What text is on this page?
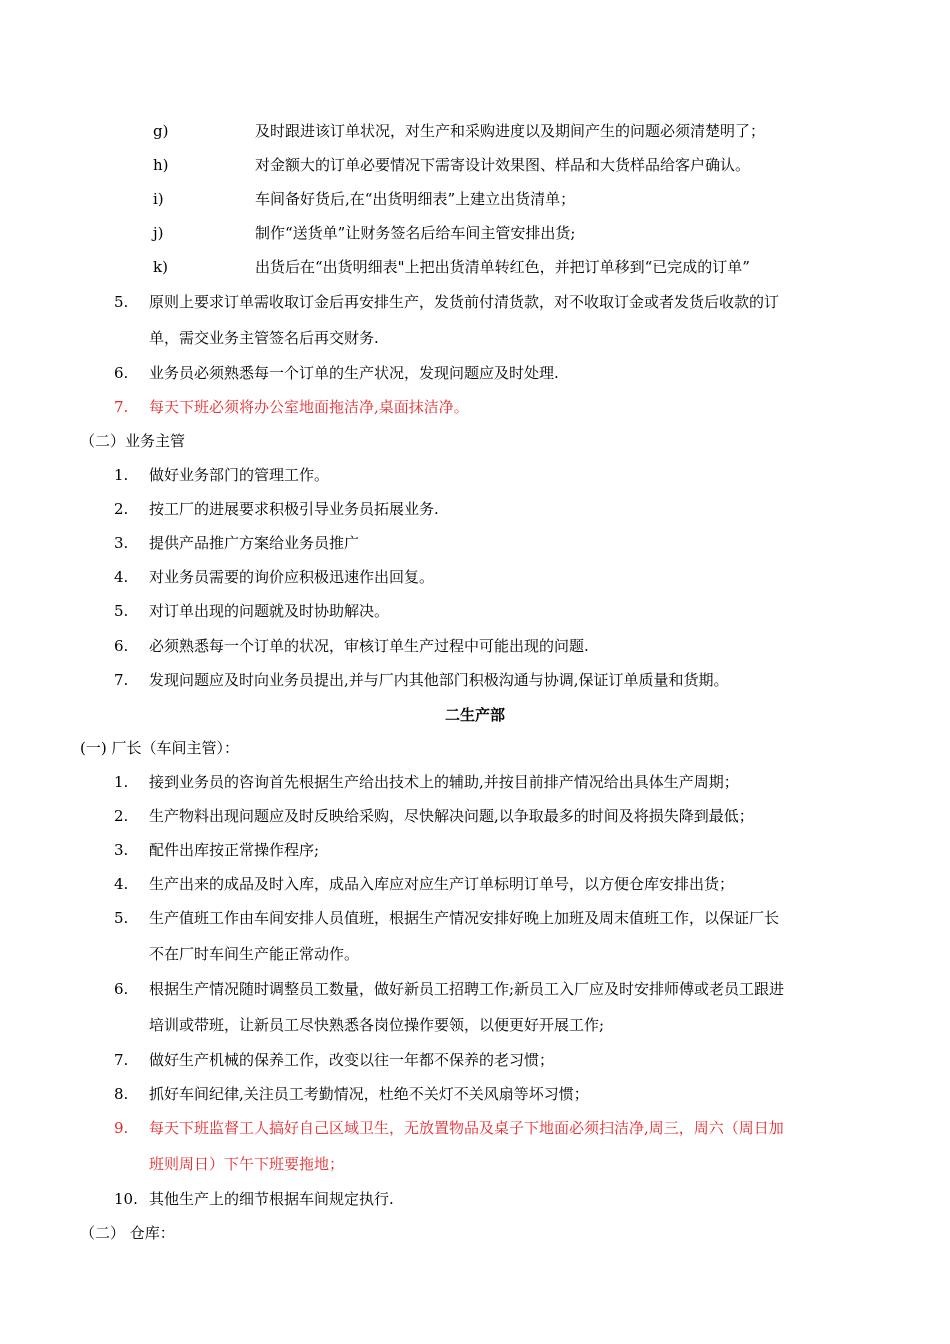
g)	及时跟进该订单状况，对生产和采购进度以及期间产生的问题必须清楚明了；
h)	对金额大的订单必要情况下需寄设计效果图、样品和大货样品给客户确认。
i)	车间备好货后,在“出货明细表”上建立出货清单；
j)	制作“送货单”让财务签名后给车间主管安排出货;
k)	出货后在“出货明细表"上把出货清单转红色，并把订单移到“已完成的订单”
5.	原则上要求订单需收取订金后再安排生产，发货前付清货款，对不收取订金或者发货后收款的订
单，需交业务主管签名后再交财务.
6.	业务员必须熟悉每一个订单的生产状况，发现问题应及时处理.
7.	每天下班必须将办公室地面拖洁净,桌面抹洁净。
（二）业务主管
1.	做好业务部门的管理工作。
2.	按工厂的进展要求积极引导业务员拓展业务.
3.	提供产品推广方案给业务员推广
4.	对业务员需要的询价应积极迅速作出回复。
5.	对订单出现的问题就及时协助解决。
6.	必须熟悉每一个订单的状况，审核订单生产过程中可能出现的问题.
7.	发现问题应及时向业务员提出,并与厂内其他部门积极沟通与协调,保证订单质量和货期。
二生产部
(一) 厂长（车间主管）：
1.	接到业务员的咨询首先根据生产给出技术上的辅助,并按目前排产情况给出具体生产周期；
2.	生产物料出现问题应及时反映给采购，尽快解决问题,以争取最多的时间及将损失降到最低；
3.	配件出库按正常操作程序;
4.	生产出来的成品及时入库，成品入库应对应生产订单标明订单号，以方便仓库安排出货；
5.	生产值班工作由车间安排人员值班，根据生产情况安排好晚上加班及周末值班工作，以保证厂长
不在厂时车间生产能正常动作。
6.	根据生产情况随时调整员工数量，做好新员工招聘工作;新员工入厂应及时安排师傅或老员工跟进
培训或带班，让新员工尽快熟悉各岗位操作要领，以便更好开展工作;
7.	做好生产机械的保养工作，改变以往一年都不保养的老习惯；
8.	抓好车间纪律,关注员工考勤情况，杜绝不关灯不关风扇等坏习惯；
9.	每天下班监督工人搞好自己区域卫生，无放置物品及桌子下地面必须扫洁净,周三，周六（周日加
班则周日）下午下班要拖地；
10. 其他生产上的细节根据车间规定执行.
（二） 仓库：
